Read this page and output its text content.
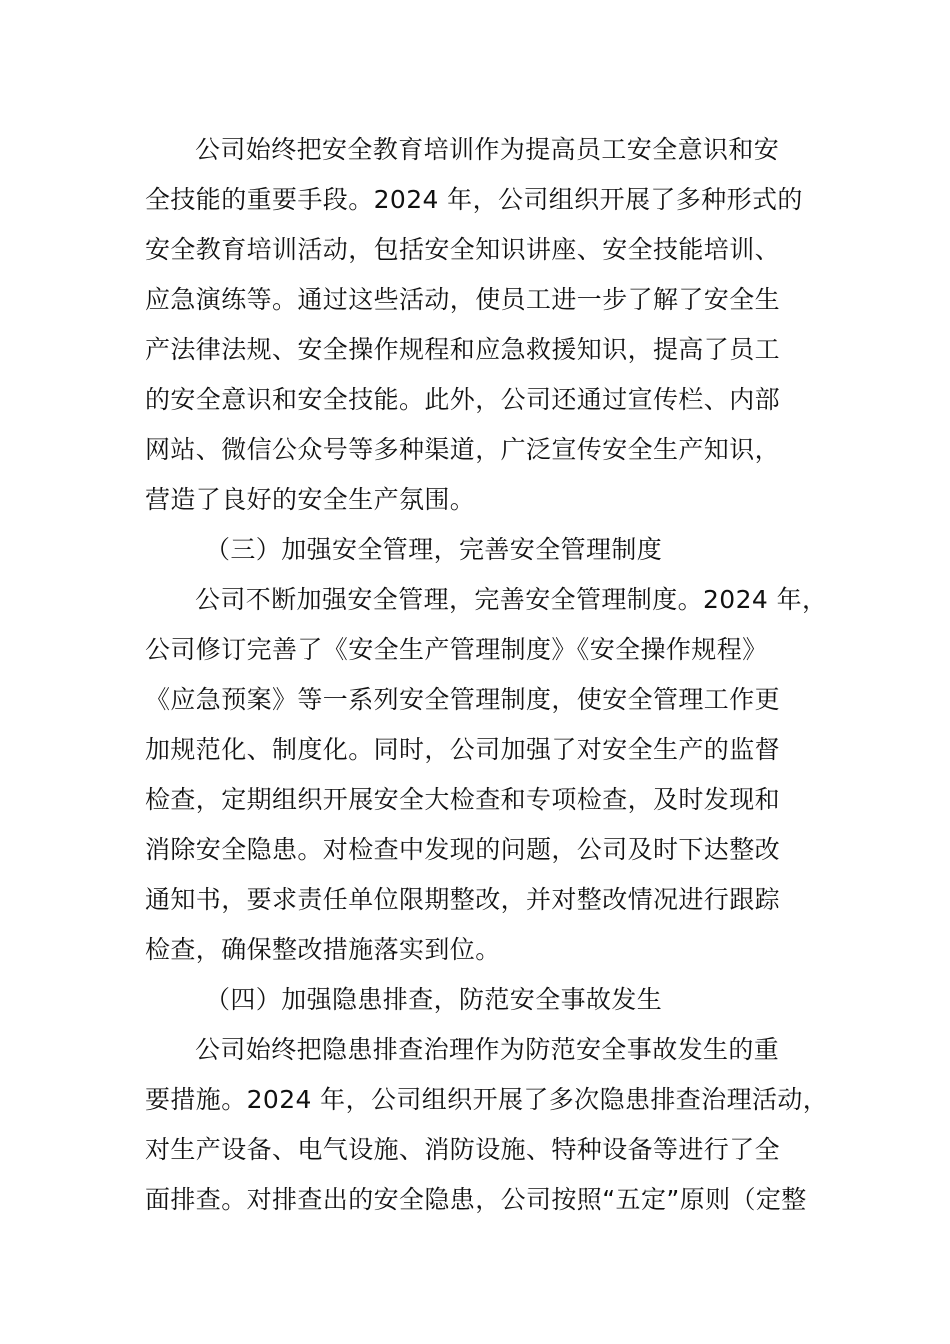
公司始终把安全教育培训作为提高员工安全意识和安
全技能的重要手段。2024 年，公司组织开展了多种形式的
安全教育培训活动，包括安全知识讲座、安全技能培训、
应急演练等。通过这些活动，使员工进一步了解了安全生
产法律法规、安全操作规程和应急救援知识，提高了员工
的安全意识和安全技能。此外，公司还通过宣传栏、内部
网站、微信公众号等多种渠道，广泛宣传安全生产知识，
营造了良好的安全生产氛围。
（三）加强安全管理，完善安全管理制度
公司不断加强安全管理，完善安全管理制度。2024 年，
公司修订完善了《安全生产管理制度》《安全操作规程》
《应急预案》等一系列安全管理制度，使安全管理工作更
加规范化、制度化。同时，公司加强了对安全生产的监督
检查，定期组织开展安全大检查和专项检查，及时发现和
消除安全隐患。对检查中发现的问题，公司及时下达整改
通知书，要求责任单位限期整改，并对整改情况进行跟踪
检查，确保整改措施落实到位。
（四）加强隐患排查，防范安全事故发生
公司始终把隐患排查治理作为防范安全事故发生的重
要措施。2024 年，公司组织开展了多次隐患排查治理活动，
对生产设备、电气设施、消防设施、特种设备等进行了全
面排查。对排查出的安全隐患，公司按照“五定”原则（定整
